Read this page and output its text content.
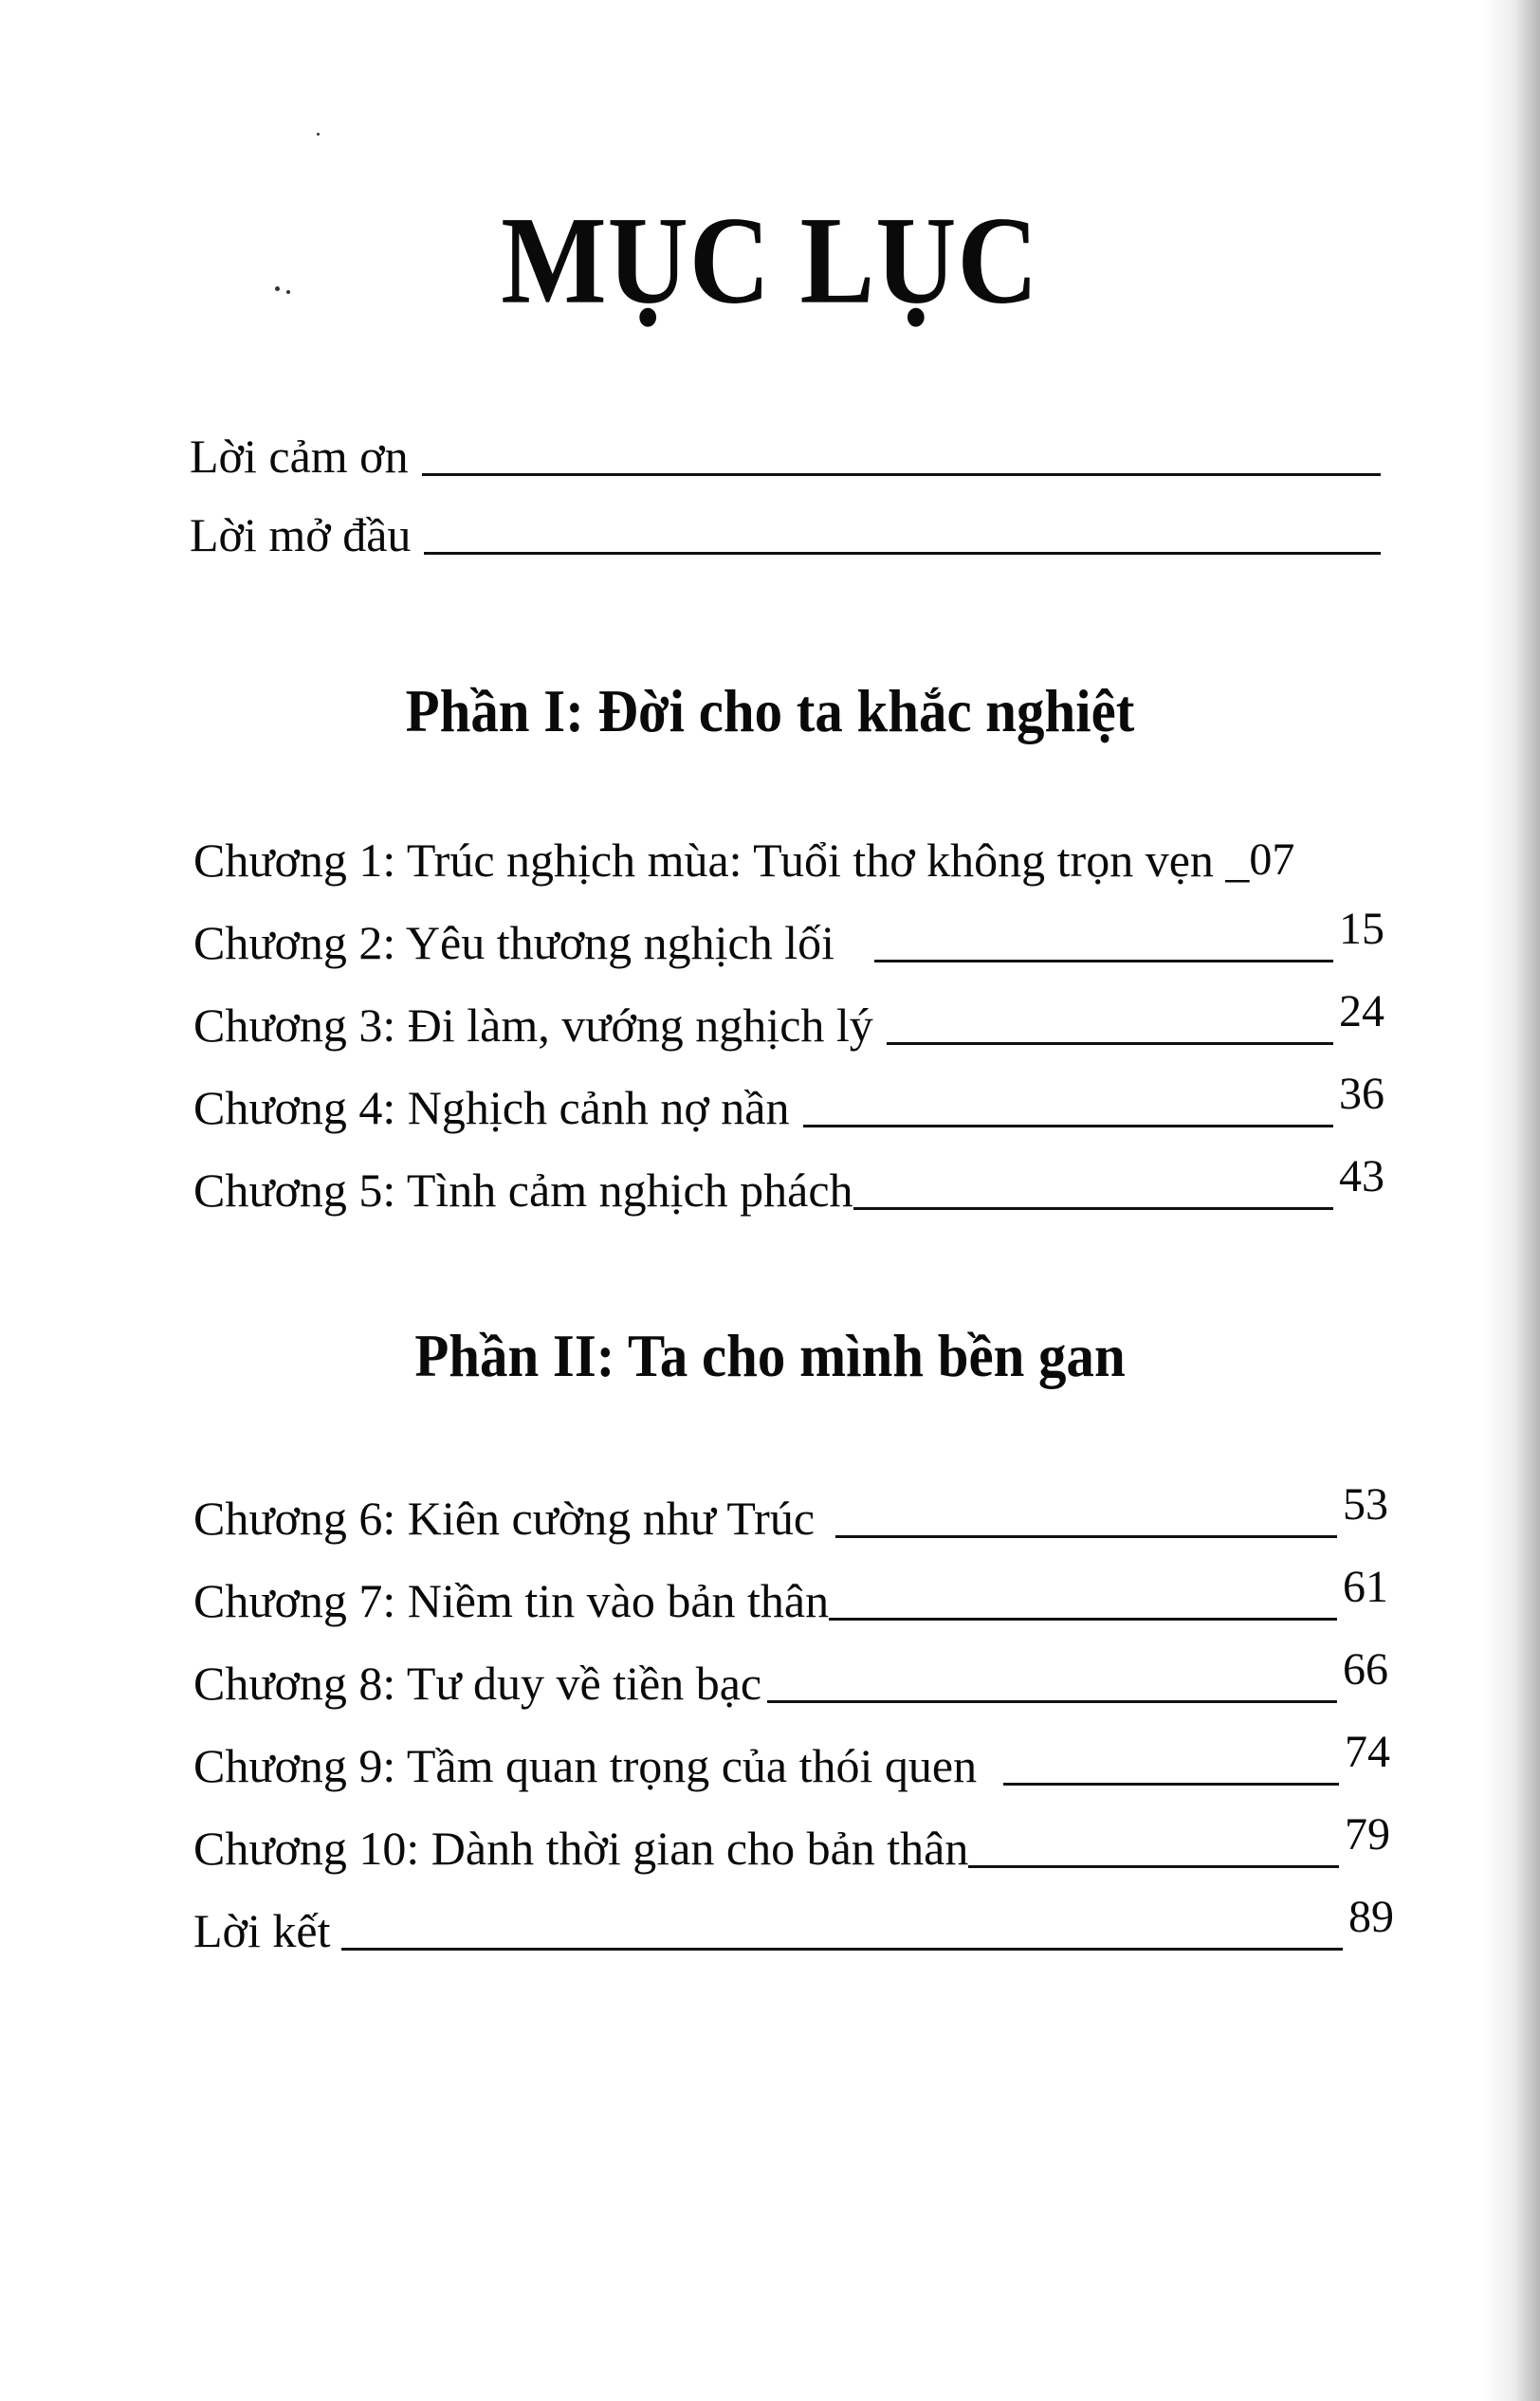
MỤC LỤC
Lời cảm ơn
Lời mở đầu
Phần I: Đời cho ta khắc nghiệt
Chương 1: Trúc nghịch mùa: Tuổi thơ không trọn vẹn _ 07
Chương 2: Yêu thương nghịch lối	15
Chương 3: Đi làm, vướng nghịch lý	24
Chương 4: Nghịch cảnh nợ nần	36
Chương 5: Tình cảm nghịch phách	43
Phần II: Ta cho mình bền gan
Chương 6: Kiên cường như Trúc	53
Chương 7: Niềm tin vào bản thân	61
Chương 8: Tư duy về tiền bạc	66
Chương 9: Tầm quan trọng của thói quen	74
Chương 10: Dành thời gian cho bản thân	79
Lời kết	89
